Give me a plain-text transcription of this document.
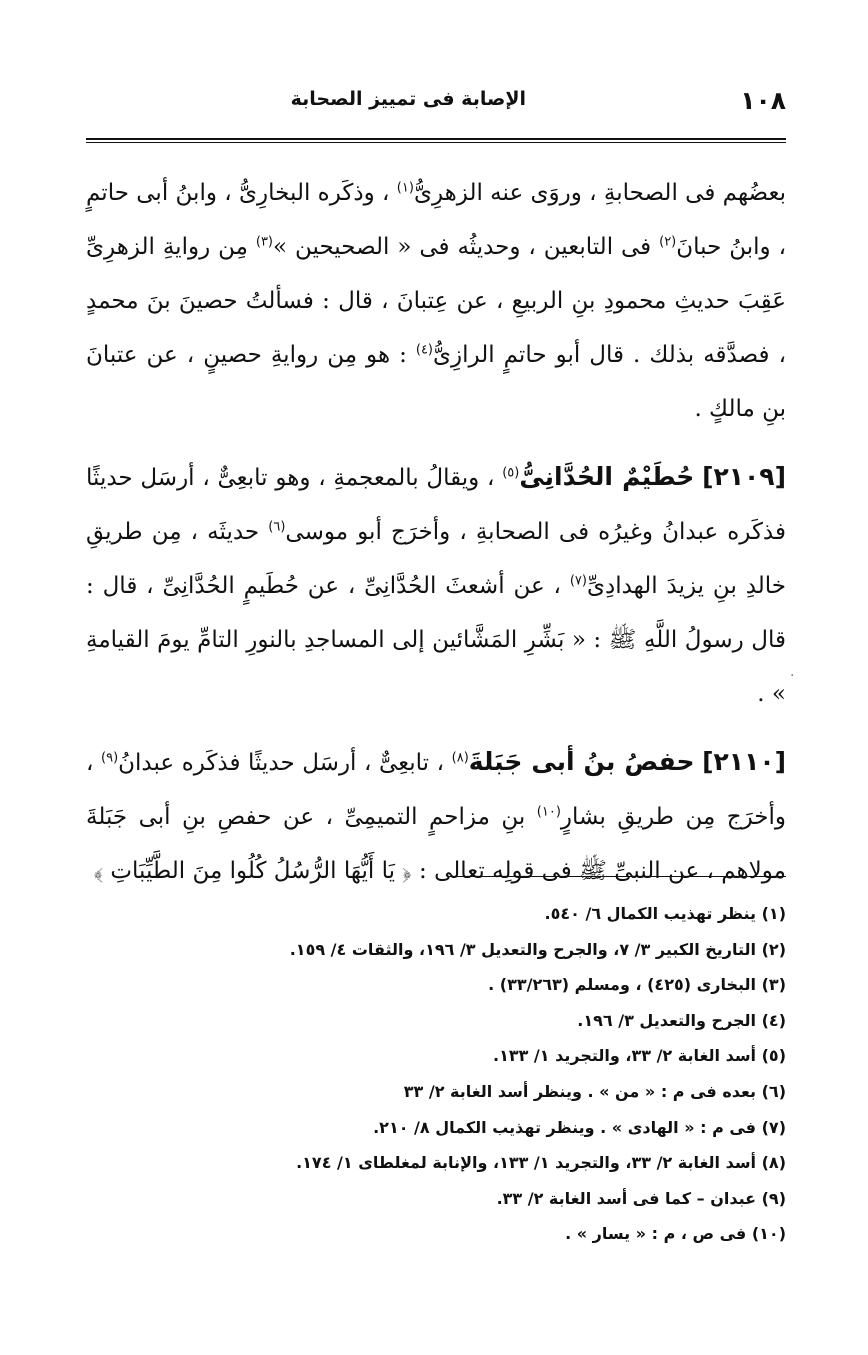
١٠٨
الإصابة فى تمييز الصحابة

بعضُهم فى الصحابةِ ، وروَى عنه الزهرِىُّ$^{(١)}$ ، وذكَره البخارِىُّ ، وابنُ أبى حاتمٍ ، وابنُ حبانَ$^{(٢)}$ فى التابعين ، وحديثُه فى « الصحيحين »$^{(٣)}$ مِن روايةِ الزهرِىِّ عَقِبَ حديثِ محمودِ بنِ الربيعِ ، عن عِتبانَ ، قال : فسألتُ حصينَ بنَ محمدٍ ، فصدَّقه بذلك . قال أبو حاتمٍ الرازِىُّ$^{(٤)}$ : هو مِن روايةِ حصينٍ ، عن عتبانَ بنِ مالكٍ .

[٢١٠٩] حُطَيْمٌ الحُدَّانِىُّ$^{(٥)}$ ، ويقالُ بالمعجمةِ ، وهو تابعِىٌّ ، أرسَل حديثًا فذكَره عبدانُ وغيرُه فى الصحابةِ ، وأخرَج أبو موسى$^{(٦)}$ حديثَه ، مِن طريقِ خالدِ بنِ يزيدَ الهدادِىِّ$^{(٧)}$ ، عن أشعثَ الحُدَّانِىِّ ، عن حُطَيمٍ الحُدَّانِىِّ ، قال : قال رسولُ اللَّهِ ﷺ : « بَشِّرِ المَشَّائين إلى المساجدِ بالنورِ التامِّ يومَ القيامةِ » .

[٢١١٠] حفصُ بنُ أبى جَبَلةَ$^{(٨)}$ ، تابعِىٌّ ، أرسَل حديثًا فذكَره عبدانُ$^{(٩)}$ ، وأخرَج مِن طريقِ بشارٍ$^{(١٠)}$ بنِ مزاحمٍ التميمِىِّ ، عن حفصِ بنِ أبى جَبَلةَ مولاهم ، عن النبىِّ ﷺ فى قولِه تعالى : ﴿ يَا أَيُّهَا الرُّسُلُ كُلُوا مِنَ الطَّيِّبَاتِ ﴾

·
(١) ينظر تهذيب الكمال ٦/ ٥٤٠.
(٢) التاريخ الكبير ٣/ ٧، والجرح والتعديل ٣/ ١٩٦، والثقات ٤/ ١٥٩.
(٣) البخارى (٤٢٥) ، ومسلم (٣٣/٢٦٣) .
(٤) الجرح والتعديل ٣/ ١٩٦.
(٥) أسد الغابة ٢/ ٣٣، والتجريد ١/ ١٣٣.
(٦) بعده فى م : « من » . وينظر أسد الغابة ٢/ ٣٣
(٧) فى م : « الهادى » . وينظر تهذيب الكمال ٨/ ٢١٠.
(٨) أسد الغابة ٢/ ٣٣، والتجريد ١/ ١٣٣، والإنابة لمغلطاى ١/ ١٧٤.
(٩) عبدان – كما فى أسد الغابة ٢/ ٣٣.
(١٠) فى ص ، م : « يسار » .
